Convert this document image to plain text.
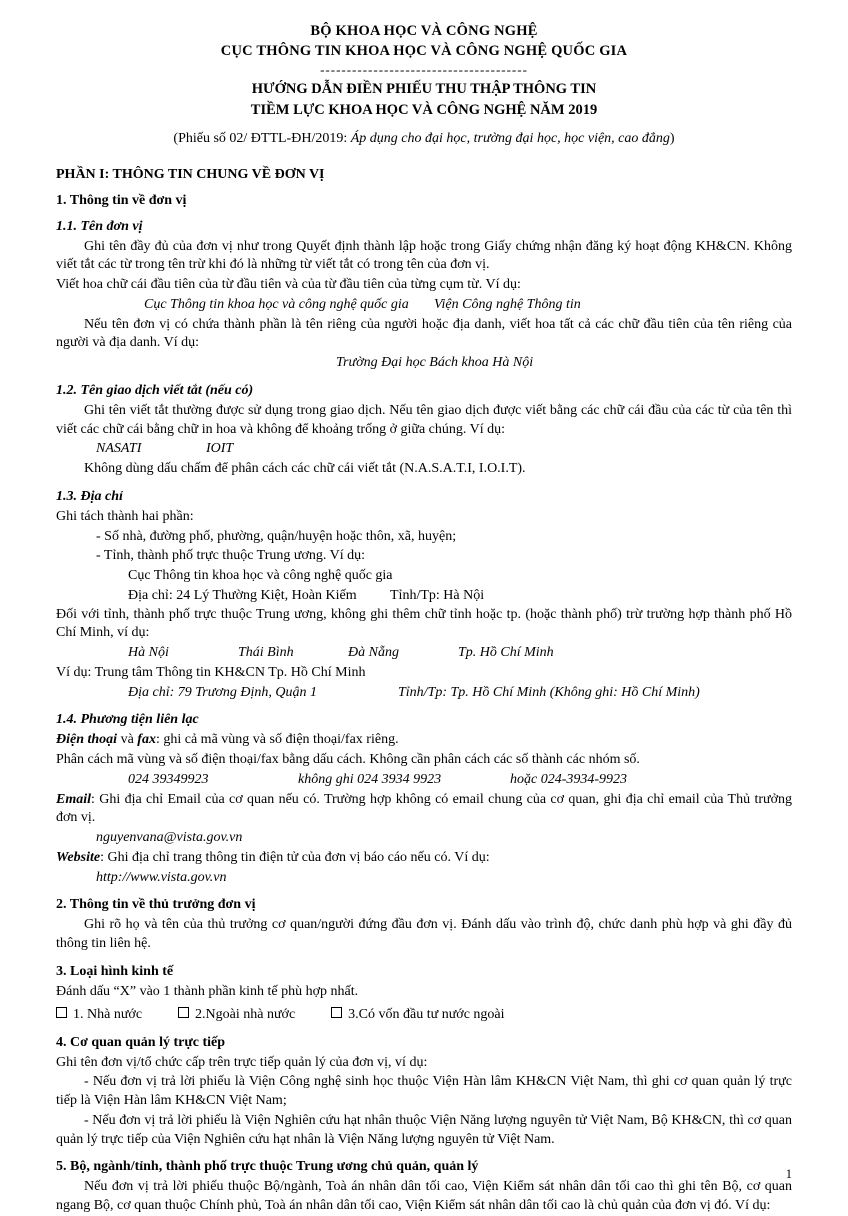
BỘ KHOA HỌC VÀ CÔNG NGHỆ
CỤC THÔNG TIN KHOA HỌC VÀ CÔNG NGHỆ QUỐC GIA
---------------------------------------
HƯỚNG DẪN ĐIỀN PHIẾU THU THẬP THÔNG TIN
TIỀM LỰC KHOA HỌC VÀ CÔNG NGHỆ NĂM 2019
(Phiếu số 02/ ĐTTL-ĐH/2019: Áp dụng cho đại học, trường đại học, học viện, cao đẳng)
PHẦN I: THÔNG TIN CHUNG VỀ ĐƠN VỊ
1. Thông tin về đơn vị
1.1. Tên đơn vị

Ghi tên đầy đủ của đơn vị như trong Quyết định thành lập hoặc trong Giấy chứng nhận đăng ký hoạt động KH&CN. Không viết tắt các từ trong tên trừ khi đó là những từ viết tắt có trong tên của đơn vị.

Viết hoa chữ cái đầu tiên của từ đầu tiên và của từ đầu tiên của từng cụm từ. Ví dụ:

Cục Thông tin khoa học và công nghệ quốc gia Viện Công nghệ Thông tin

Nếu tên đơn vị có chứa thành phần là tên riêng của người hoặc địa danh, viết hoa tất cả các chữ đầu tiên của tên riêng của người và địa danh. Ví dụ:

Trường Đại học Bách khoa Hà Nội
1.2. Tên giao dịch viết tắt (nếu có)

Ghi tên viết tắt thường được sử dụng trong giao dịch. Nếu tên giao dịch được viết bằng các chữ cái đầu của các từ của tên thì viết các chữ cái bằng chữ in hoa và không để khoảng trống ở giữa chúng. Ví dụ:

NASATI	IOIT

Không dùng dấu chấm để phân cách các chữ cái viết tắt (N.A.S.A.T.I, I.O.I.T).

1.3. Địa chỉ

Ghi tách thành hai phần:

- Số nhà, đường phố, phường, quận/huyện hoặc thôn, xã, huyện;

- Tỉnh, thành phố trực thuộc Trung ương. Ví dụ:

Cục Thông tin khoa học và công nghệ quốc gia

Địa chỉ: 24 Lý Thường Kiệt, Hoàn Kiếm Tỉnh/Tp: Hà Nội

Đối với tỉnh, thành phố trực thuộc Trung ương, không ghi thêm chữ tỉnh hoặc tp. (hoặc thành phố) trừ trường hợp thành phố Hồ Chí Minh, ví dụ:

Hà Nội	Thái Bình	Đà Nẵng	Tp. Hồ Chí Minh

Ví dụ: Trung tâm Thông tin KH&CN Tp. Hồ Chí Minh

Địa chỉ: 79 Trương Định, Quận 1	Tỉnh/Tp: Tp. Hồ Chí Minh (Không ghi: Hồ Chí Minh)
1.4. Phương tiện liên lạc

Điện thoại và fax: ghi cả mã vùng và số điện thoại/fax riêng.

Phân cách mã vùng và số điện thoại/fax bằng dấu cách. Không cần phân cách các số thành các nhóm số.

024 39349923	không ghi 024 3934 9923	hoặc 024-3934-9923

Email: Ghi địa chỉ Email của cơ quan nếu có. Trường hợp không có email chung của cơ quan, ghi địa chỉ email của Thủ trưởng đơn vị.

nguyenvana@vista.gov.vn

Website: Ghi địa chỉ trang thông tin điện tử của đơn vị báo cáo nếu có. Ví dụ:

http://www.vista.gov.vn

2. Thông tin về thủ trưởng đơn vị

Ghi rõ họ và tên của thủ trưởng cơ quan/người đứng đầu đơn vị. Đánh dấu vào trình độ, chức danh phù hợp và ghi đầy đủ thông tin liên hệ.

3. Loại hình kinh tế

Đánh dấu “X” vào 1 thành phần kinh tế phù hợp nhất.

1. Nhà nước	2.Ngoài nhà nước	3.Có vốn đầu tư nước ngoài
4. Cơ quan quản lý trực tiếp

Ghi tên đơn vị/tổ chức cấp trên trực tiếp quản lý của đơn vị, ví dụ:

- Nếu đơn vị trả lời phiếu là Viện Công nghệ sinh học thuộc Viện Hàn lâm KH&CN Việt Nam, thì ghi cơ quan quản lý trực tiếp là Viện Hàn lâm KH&CN Việt Nam;

- Nếu đơn vị trả lời phiếu là Viện Nghiên cứu hạt nhân thuộc Viện Năng lượng nguyên tử Việt Nam, Bộ KH&CN, thì cơ quan quản lý trực tiếp của Viện Nghiên cứu hạt nhân là Viện Năng lượng nguyên tử Việt Nam.

5. Bộ, ngành/tỉnh, thành phố trực thuộc Trung ương chủ quản, quản lý

Nếu đơn vị trả lời phiếu thuộc Bộ/ngành, Toà án nhân dân tối cao, Viện Kiểm sát nhân dân tối cao thì ghi tên Bộ, cơ quan ngang Bộ, cơ quan thuộc Chính phủ, Toà án nhân dân tối cao, Viện Kiểm sát nhân dân tối cao là chủ quản của đơn vị đó. Ví dụ:

1
